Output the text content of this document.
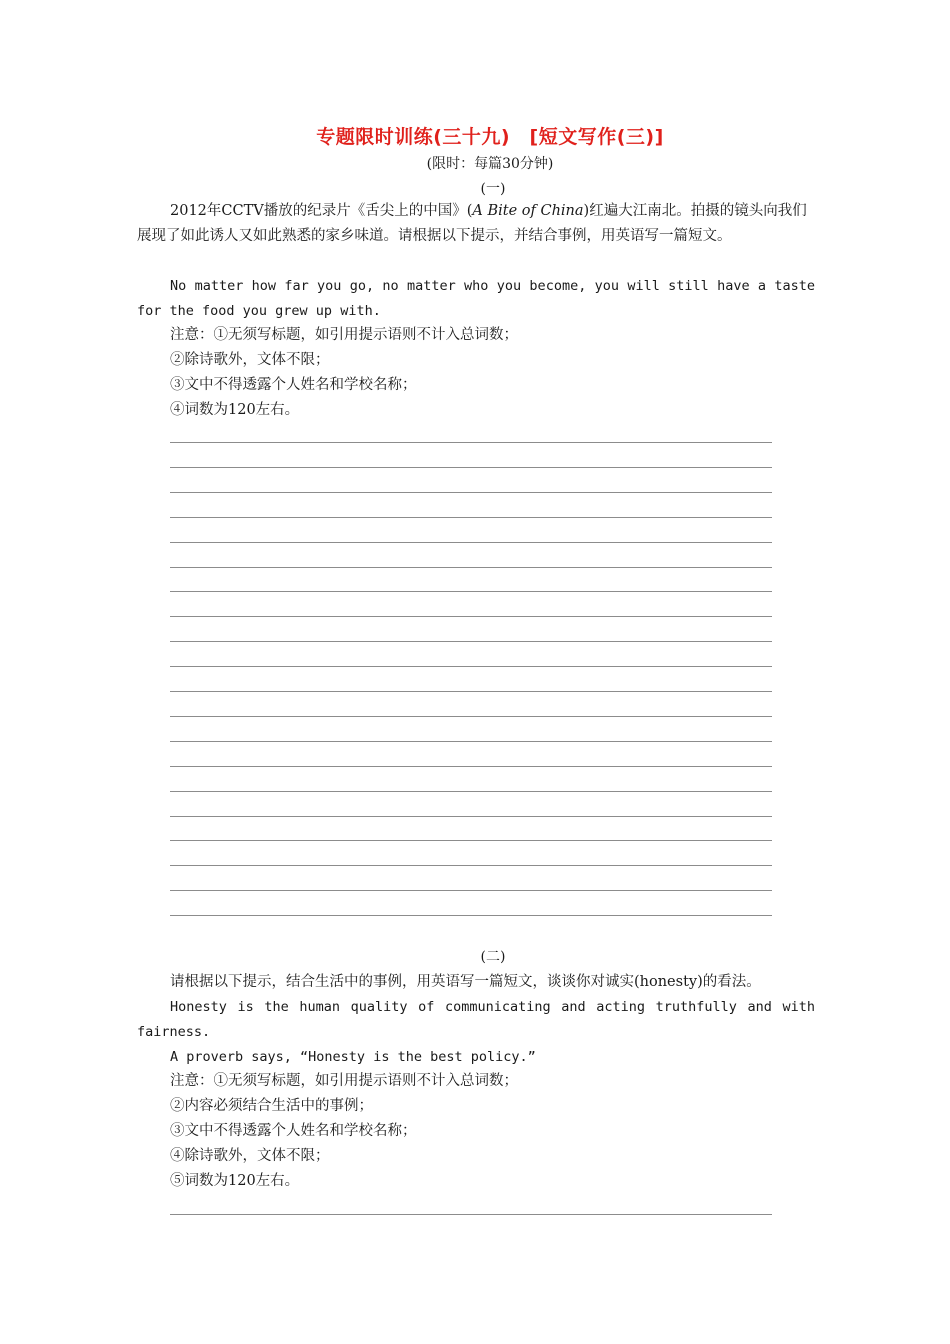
专题限时训练(三十九)　[短文写作(三)]
(限时：每篇30分钟)
(一)
2012年CCTV播放的纪录片《舌尖上的中国》(A Bite of China)红遍大江南北。拍摄的镜头向我们展现了如此诱人又如此熟悉的家乡味道。请根据以下提示，并结合事例，用英语写一篇短文。
No matter how far you go, no matter who you become, you will still have a taste for the food you grew up with.
注意：①无须写标题，如引用提示语则不计入总词数；
②除诗歌外，文体不限；
③文中不得透露个人姓名和学校名称；
④词数为120左右。
(二)
请根据以下提示，结合生活中的事例，用英语写一篇短文，谈谈你对诚实(honesty)的看法。
Honesty is the human quality of communicating and acting truthfully and with fairness.
A proverb says, “Honesty is the best policy.”
注意：①无须写标题，如引用提示语则不计入总词数；
②内容必须结合生活中的事例；
③文中不得透露个人姓名和学校名称；
④除诗歌外，文体不限；
⑤词数为120左右。
